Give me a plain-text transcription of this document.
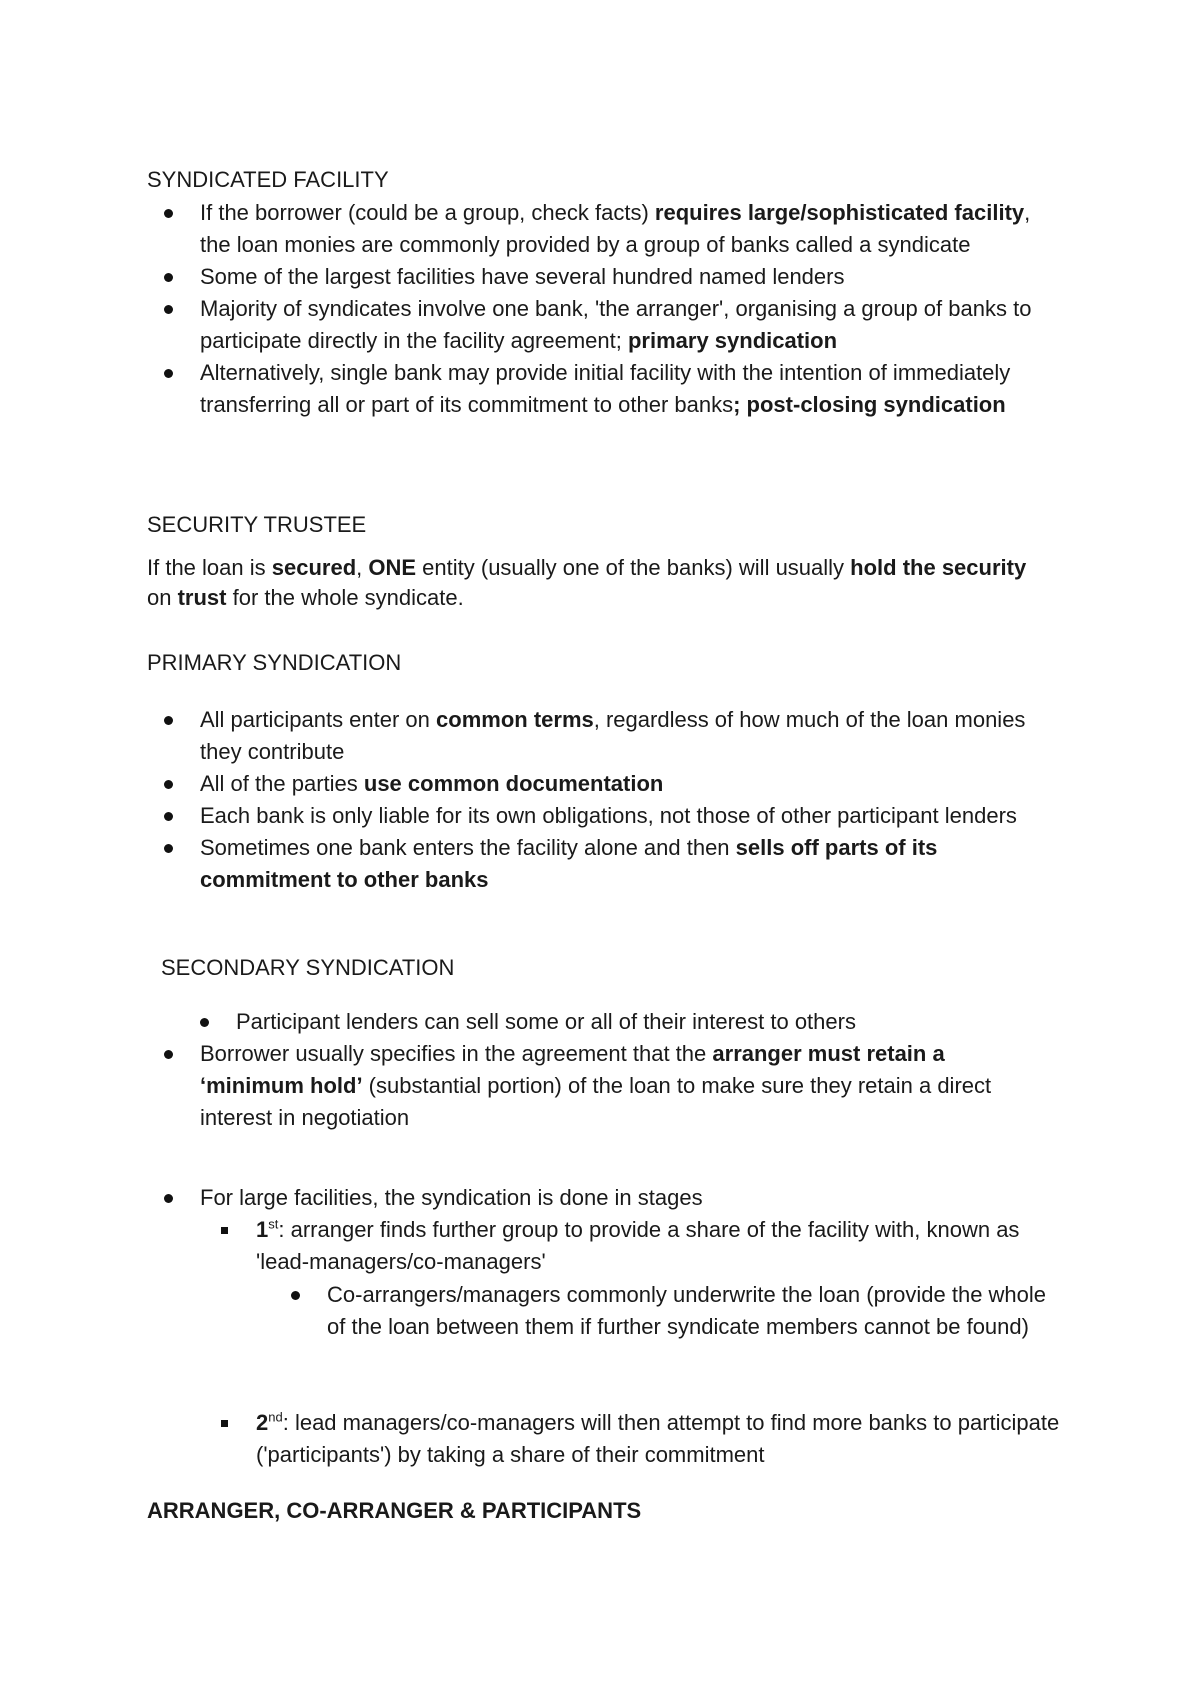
SYNDICATED FACILITY
If the borrower (could be a group, check facts) requires large/sophisticated facility, the loan monies are commonly provided by a group of banks called a syndicate
Some of the largest facilities have several hundred named lenders
Majority of syndicates involve one bank, 'the arranger', organising a group of banks to participate directly in the facility agreement; primary syndication
Alternatively, single bank may provide initial facility with the intention of immediately transferring all or part of its commitment to other banks; post-closing syndication
SECURITY TRUSTEE

If the loan is secured, ONE entity (usually one of the banks) will usually hold the security on trust for the whole syndicate.

PRIMARY SYNDICATION
All participants enter on common terms, regardless of how much of the loan monies they contribute
All of the parties use common documentation
Each bank is only liable for its own obligations, not those of other participant lenders
Sometimes one bank enters the facility alone and then sells off parts of its commitment to other banks
SECONDARY SYNDICATION
Participant lenders can sell some or all of their interest to others
Borrower usually specifies in the agreement that the arranger must retain a ‘minimum hold’ (substantial portion) of the loan to make sure they retain a direct interest in negotiation
For large facilities, the syndication is done in stages
1st: arranger finds further group to provide a share of the facility with, known as 'lead-managers/co-managers'
Co-arrangers/managers commonly underwrite the loan (provide the whole of the loan between them if further syndicate members cannot be found)
2nd: lead managers/co-managers will then attempt to find more banks to participate ('participants') by taking a share of their commitment
ARRANGER, CO-ARRANGER & PARTICIPANTS
